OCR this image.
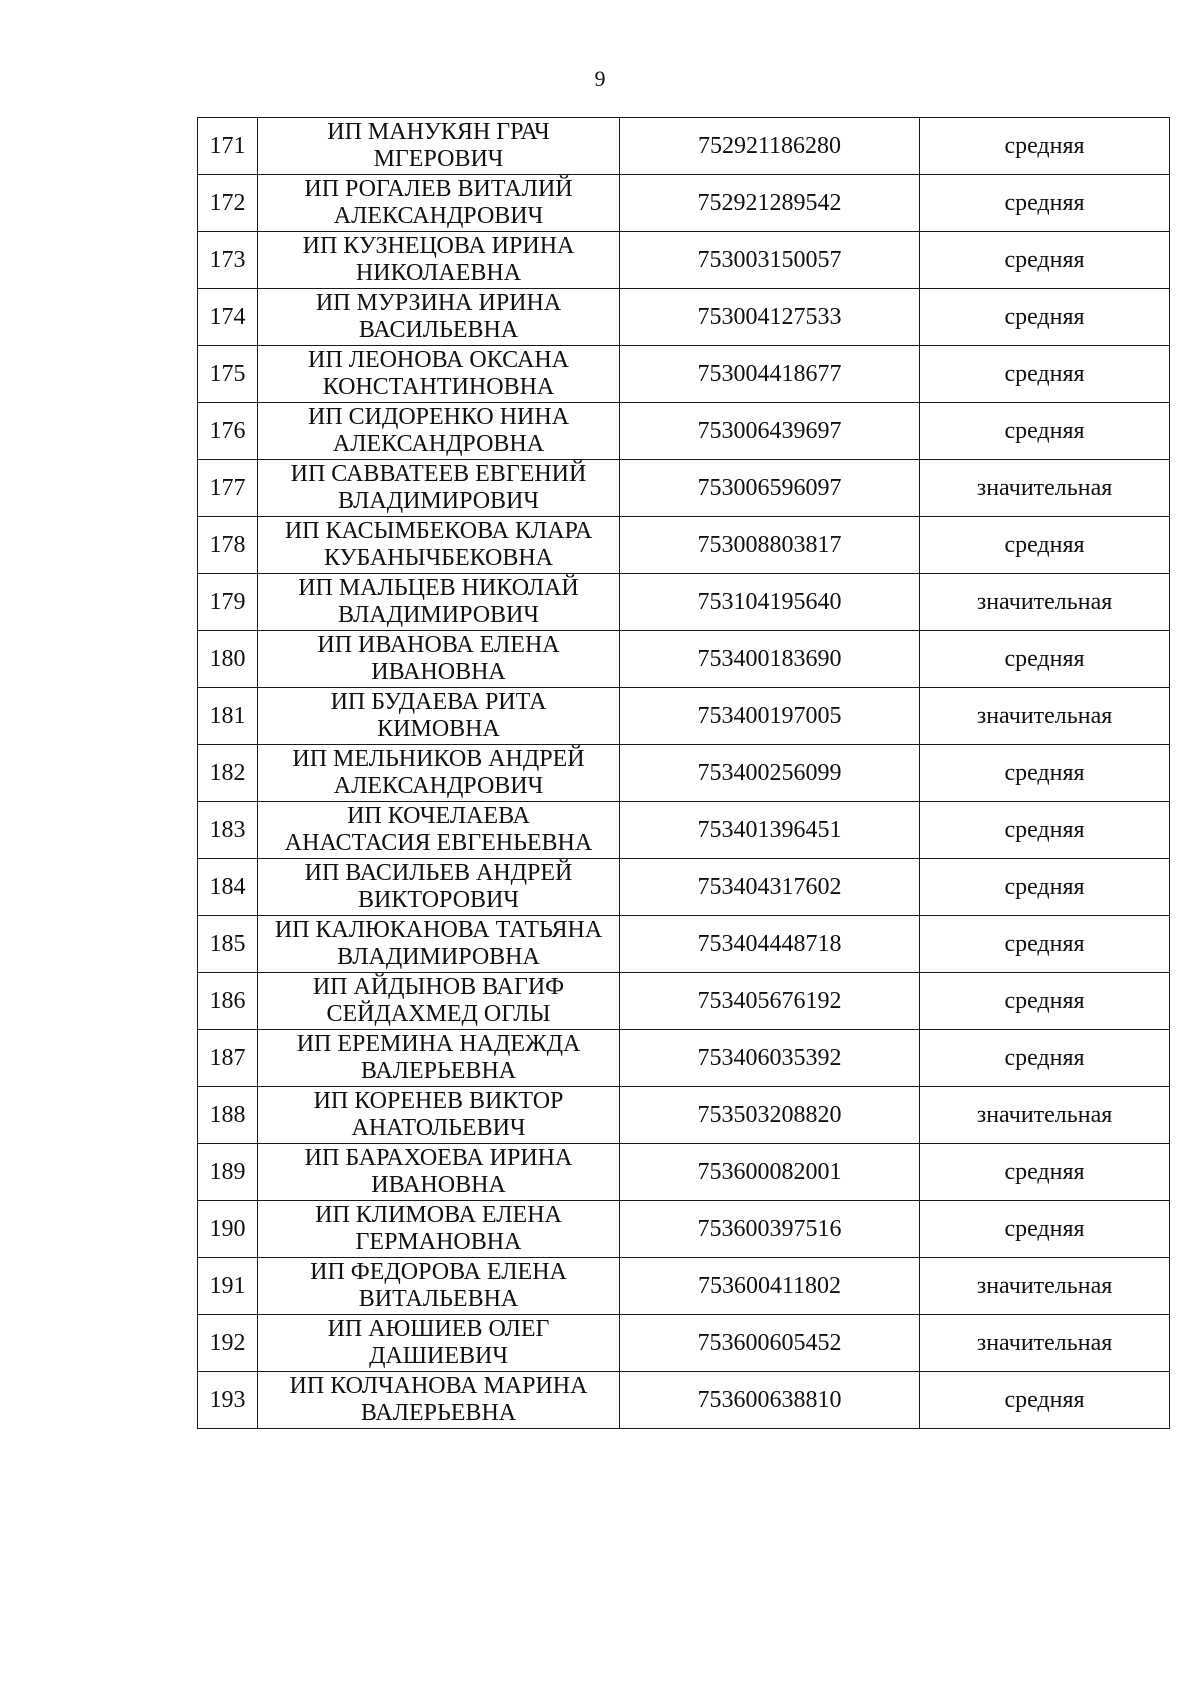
9
171	ИП МАНУКЯН ГРАЧ
МГЕРОВИЧ	752921186280	средняя
172	ИП РОГАЛЕВ ВИТАЛИЙ
АЛЕКСАНДРОВИЧ	752921289542	средняя
173	ИП КУЗНЕЦОВА ИРИНА
НИКОЛАЕВНА	753003150057	средняя
174	ИП МУРЗИНА ИРИНА
ВАСИЛЬЕВНА	753004127533	средняя
175	ИП ЛЕОНОВА ОКСАНА
КОНСТАНТИНОВНА	753004418677	средняя
176	ИП СИДОРЕНКО НИНА
АЛЕКСАНДРОВНА	753006439697	средняя
177	ИП САВВАТЕЕВ ЕВГЕНИЙ
ВЛАДИМИРОВИЧ	753006596097	значительная
178	ИП КАСЫМБЕКОВА КЛАРА
КУБАНЫЧБЕКОВНА	753008803817	средняя
179	ИП МАЛЬЦЕВ НИКОЛАЙ
ВЛАДИМИРОВИЧ	753104195640	значительная
180	ИП ИВАНОВА ЕЛЕНА
ИВАНОВНА	753400183690	средняя
181	ИП БУДАЕВА РИТА
КИМОВНА	753400197005	значительная
182	ИП МЕЛЬНИКОВ АНДРЕЙ
АЛЕКСАНДРОВИЧ	753400256099	средняя
183	ИП КОЧЕЛАЕВА
АНАСТАСИЯ ЕВГЕНЬЕВНА	753401396451	средняя
184	ИП ВАСИЛЬЕВ АНДРЕЙ
ВИКТОРОВИЧ	753404317602	средняя
185	ИП КАЛЮКАНОВА ТАТЬЯНА
ВЛАДИМИРОВНА	753404448718	средняя
186	ИП АЙДЫНОВ ВАГИФ
СЕЙДАХМЕД ОГЛЫ	753405676192	средняя
187	ИП ЕРЕМИНА НАДЕЖДА
ВАЛЕРЬЕВНА	753406035392	средняя
188	ИП КОРЕНЕВ ВИКТОР
АНАТОЛЬЕВИЧ	753503208820	значительная
189	ИП БАРАХОЕВА ИРИНА
ИВАНОВНА	753600082001	средняя
190	ИП КЛИМОВА ЕЛЕНА
ГЕРМАНОВНА	753600397516	средняя
191	ИП ФЕДОРОВА ЕЛЕНА
ВИТАЛЬЕВНА	753600411802	значительная
192	ИП АЮШИЕВ ОЛЕГ
ДАШИЕВИЧ	753600605452	значительная
193	ИП КОЛЧАНОВА МАРИНА
ВАЛЕРЬЕВНА	753600638810	средняя
